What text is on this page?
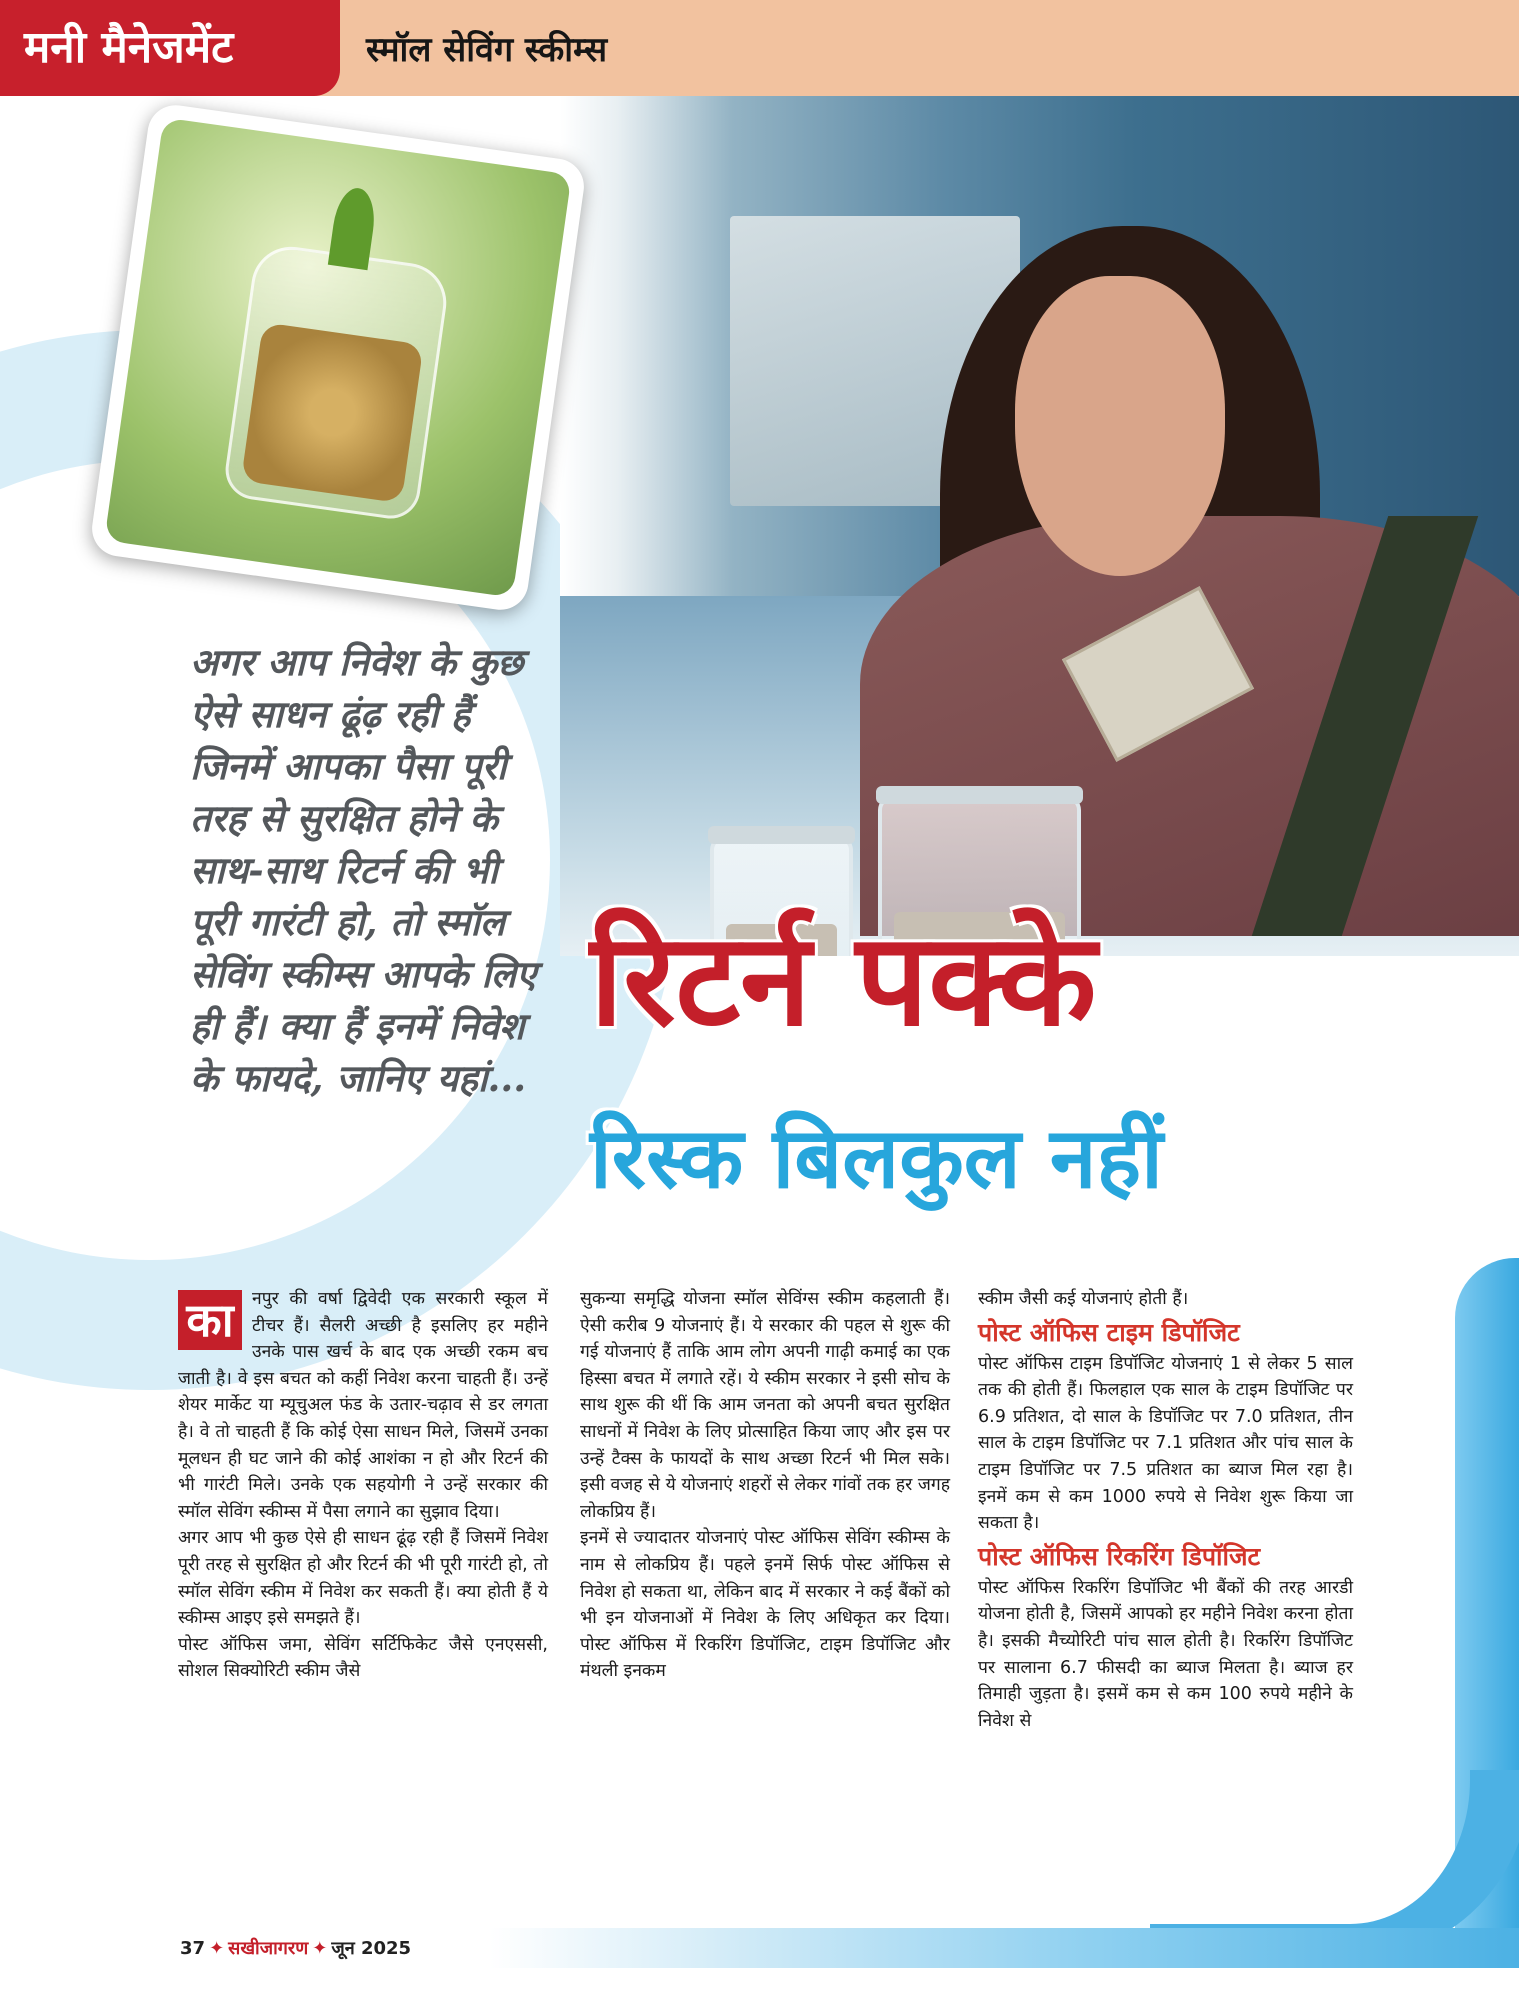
मनी मैनेजमेंट	स्मॉल सेविंग स्कीम्स
अगर आप निवेश के कुछ ऐसे साधन ढूंढ़ रही हैं जिनमें आपका पैसा पूरी तरह से सुरक्षित होने के साथ-साथ रिटर्न की भी पूरी गारंटी हो, तो स्मॉल सेविंग स्कीम्स आपके लिए ही हैं। क्या हैं इनमें निवेश के फायदे, जानिए यहां...
रिटर्न पक्के
रिस्क बिलकुल नहीं

का	नपुर की वर्षा द्विवेदी एक सरकारी स्कूल में टीचर हैं। सैलरी अच्छी है इसलिए हर महीने उनके पास खर्च के बाद एक अच्छी रकम बच जाती है। वे इस बचत को कहीं निवेश करना चाहती हैं। उन्हें शेयर मार्केट या म्यूचुअल फंड के उतार-चढ़ाव से डर लगता है। वे तो चाहती हैं कि कोई ऐसा साधन मिले, जिसमें उनका मूलधन ही घट जाने की कोई आशंका न हो और रिटर्न की भी गारंटी मिले। उनके एक सहयोगी ने उन्हें सरकार की स्मॉल सेविंग स्कीम्स में पैसा लगाने का सुझाव दिया।

अगर आप भी कुछ ऐसे ही साधन ढूंढ़ रही हैं जिसमें निवेश पूरी तरह से सुरक्षित हो और रिटर्न की भी पूरी गारंटी हो, तो स्मॉल सेविंग स्कीम में निवेश कर सकती हैं। क्या होती हैं ये स्कीम्स आइए इसे समझते हैं।

पोस्ट ऑफिस जमा, सेविंग सर्टिफिकेट जैसे एनएससी, सोशल सिक्योरिटी स्कीम जैसे

सुकन्या समृद्धि योजना स्मॉल सेविंग्स स्कीम कहलाती हैं। ऐसी करीब 9 योजनाएं हैं। ये सरकार की पहल से शुरू की गई योजनाएं हैं ताकि आम लोग अपनी गाढ़ी कमाई का एक हिस्सा बचत में लगाते रहें। ये स्कीम सरकार ने इसी सोच के साथ शुरू की थीं कि आम जनता को अपनी बचत सुरक्षित साधनों में निवेश के लिए प्रोत्साहित किया जाए और इस पर उन्हें टैक्स के फायदों के साथ अच्छा रिटर्न भी मिल सके। इसी वजह से ये योजनाएं शहरों से लेकर गांवों तक हर जगह लोकप्रिय हैं।

इनमें से ज्यादातर योजनाएं पोस्ट ऑफिस सेविंग स्कीम्स के नाम से लोकप्रिय हैं। पहले इनमें सिर्फ पोस्ट ऑफिस से निवेश हो सकता था, लेकिन बाद में सरकार ने कई बैंकों को भी इन योजनाओं में निवेश के लिए अधिकृत कर दिया। पोस्ट ऑफिस में रिकरिंग डिपॉजिट, टाइम डिपॉजिट और मंथली इनकम

स्कीम जैसी कई योजनाएं होती हैं।

पोस्ट ऑफिस टाइम डिपॉजिट

पोस्ट ऑफिस टाइम डिपॉजिट योजनाएं 1 से लेकर 5 साल तक की होती हैं। फिलहाल एक साल के टाइम डिपॉजिट पर 6.9 प्रतिशत, दो साल के डिपॉजिट पर 7.0 प्रतिशत, तीन साल के टाइम डिपॉजिट पर 7.1 प्रतिशत और पांच साल के टाइम डिपॉजिट पर 7.5 प्रतिशत का ब्याज मिल रहा है। इनमें कम से कम 1000 रुपये से निवेश शुरू किया जा सकता है।

पोस्ट ऑफिस रिकरिंग डिपॉजिट

पोस्ट ऑफिस रिकरिंग डिपॉजिट भी बैंकों की तरह आरडी योजना होती है, जिसमें आपको हर महीने निवेश करना होता है। इसकी मैच्योरिटी पांच साल होती है। रिकरिंग डिपॉजिट पर सालाना 6.7 फीसदी का ब्याज मिलता है। ब्याज हर तिमाही जुड़ता है। इसमें कम से कम 100 रुपये महीने के निवेश से

37 ✦ सखीजागरण ✦ जून 2025
